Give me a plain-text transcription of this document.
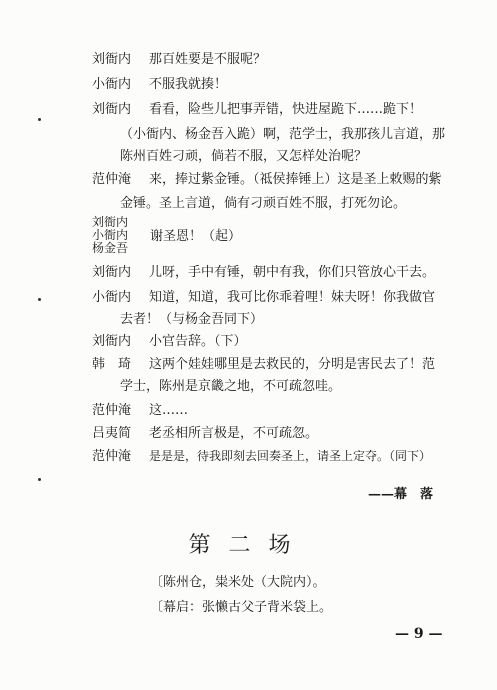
刘衙内 那百姓要是不服呢？
小衙内 不服我就揍！
刘衙内 看看，险些儿把事弄错，快进屋跪下……跪下！
（小衙内、杨金吾入跪）啊，范学士，我那孩儿言道，那
陈州百姓刁顽，倘若不服，又怎样处治呢？
范仲淹 来，捧过紫金锤。（祗侯捧锤上）这是圣上敕赐的紫
金锤。圣上言道，倘有刁顽百姓不服，打死勿论。
刘衙内
小衙内
杨金吾
谢圣恩！（起）
刘衙内 儿呀，手中有锤，朝中有我，你们只管放心干去。
小衙内 知道，知道，我可比你乖着哩！妹夫呀！你我做官
去者！（与杨金吾同下）
刘衙内 小官告辞。（下）
韩　琦 这两个娃娃哪里是去救民的，分明是害民去了！范
学士，陈州是京畿之地，不可疏忽哇。
范仲淹 这……
吕夷简 老丞相所言极是，不可疏忽。
范仲淹 是是是，待我即刻去回奏圣上，请圣上定夺。（同下）
——幕　落
第二场
〔陈州仓，粜米处（大院内）。
〔幕启：张懒古父子背米袋上。
— 9 —
